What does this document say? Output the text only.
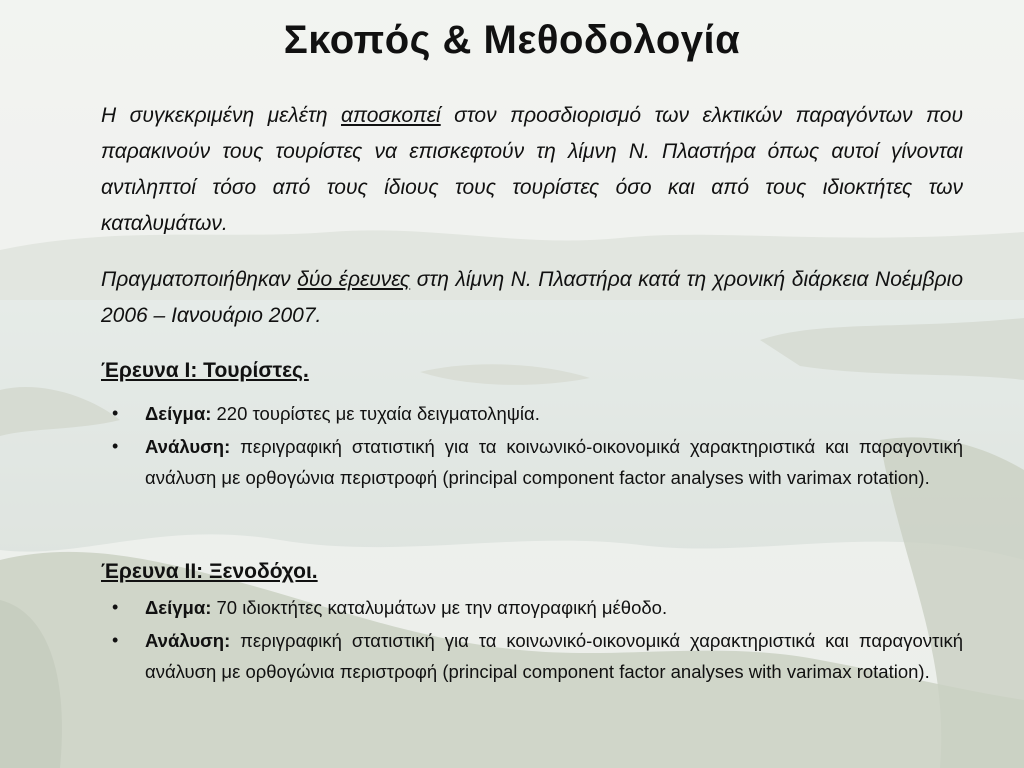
Σκοπός & Μεθοδολογία

Η συγκεκριμένη μελέτη αποσκοπεί στον προσδιορισμό των ελκτικών παραγόντων που παρακινούν τους τουρίστες να επισκεφτούν τη λίμνη Ν. Πλαστήρα όπως αυτοί γίνονται αντιληπτοί τόσο από τους ίδιους τους τουρίστες όσο και από τους ιδιοκτήτες των καταλυμάτων.

Πραγματοποιήθηκαν δύο έρευνες στη λίμνη Ν. Πλαστήρα κατά τη χρονική διάρκεια Νοέμβριο 2006 – Ιανουάριο 2007.

Έρευνα Ι: Τουρίστες.
• Δείγμα: 220 τουρίστες με τυχαία δειγματοληψία.
• Ανάλυση: περιγραφική στατιστική για τα κοινωνικό-οικονομικά χαρακτηριστικά και παραγοντική ανάλυση με ορθογώνια περιστροφή (principal component factor analyses with varimax rotation).
Έρευνα ΙΙ: Ξενοδόχοι.
• Δείγμα: 70 ιδιοκτήτες καταλυμάτων με την απογραφική μέθοδο.
• Ανάλυση: περιγραφική στατιστική για τα κοινωνικό-οικονομικά χαρακτηριστικά και παραγοντική ανάλυση με ορθογώνια περιστροφή (principal component factor analyses with varimax rotation).
